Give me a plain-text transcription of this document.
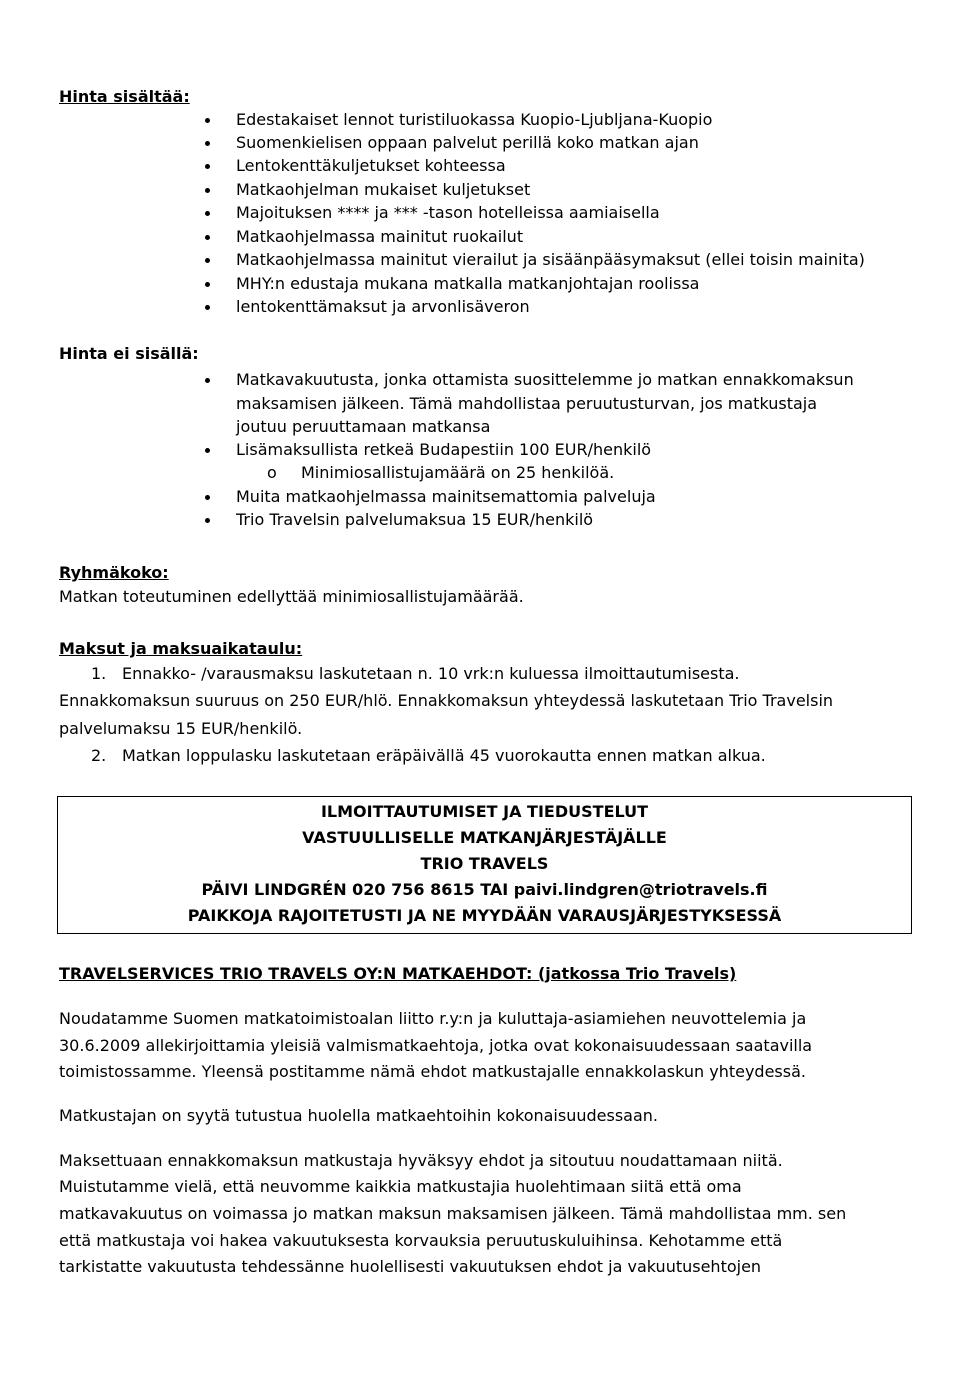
Hinta sisältää:
Edestakaiset lennot turistiluokassa Kuopio-Ljubljana-Kuopio
Suomenkielisen oppaan palvelut perillä koko matkan ajan
Lentokenttäkuljetukset kohteessa
Matkaohjelman mukaiset kuljetukset
Majoituksen **** ja *** -tason hotelleissa aamiaisella
Matkaohjelmassa mainitut ruokailut
Matkaohjelmassa mainitut vierailut ja sisäänpääsymaksut (ellei toisin mainita)
MHY:n edustaja mukana matkalla matkanjohtajan roolissa
lentokenttämaksut ja arvonlisäveron
Hinta ei sisällä:
Matkavakuutusta, jonka ottamista suosittelemme jo matkan ennakkomaksun
maksamisen jälkeen. Tämä mahdollistaa peruutusturvan, jos matkustaja
joutuu peruuttamaan matkansa
Lisämaksullista retkeä Budapestiin 100 EUR/henkilö
o Minimiosallistujamäärä on 25 henkilöä.
Muita matkaohjelmassa mainitsemattomia palveluja
Trio Travelsin palvelumaksua 15 EUR/henkilö
Ryhmäkoko:
Matkan toteutuminen edellyttää minimiosallistujamäärää.
Maksut ja maksuaikataulu:
1. Ennakko- /varausmaksu laskutetaan n. 10 vrk:n kuluessa ilmoittautumisesta.
Ennakkomaksun suuruus on 250 EUR/hlö. Ennakkomaksun yhteydessä laskutetaan Trio Travelsin
palvelumaksu 15 EUR/henkilö.
2. Matkan loppulasku laskutetaan eräpäivällä 45 vuorokautta ennen matkan alkua.
ILMOITTAUTUMISET JA TIEDUSTELUT
VASTUULLISELLE MATKANJÄRJESTÄJÄLLE
TRIO TRAVELS
PÄIVI LINDGRÉN 020 756 8615 TAI paivi.lindgren@triotravels.fi
PAIKKOJA RAJOITETUSTI JA NE MYYDÄÄN VARAUSJÄRJESTYKSESSÄ
TRAVELSERVICES TRIO TRAVELS OY:N MATKAEHDOT: (jatkossa Trio Travels)
Noudatamme Suomen matkatoimistoalan liitto r.y:n ja kuluttaja-asiamiehen neuvottelemia ja
30.6.2009 allekirjoittamia yleisiä valmismatkaehtoja, jotka ovat kokonaisuudessaan saatavilla
toimistossamme. Yleensä postitamme nämä ehdot matkustajalle ennakkolaskun yhteydessä.
Matkustajan on syytä tutustua huolella matkaehtoihin kokonaisuudessaan.
Maksettuaan ennakkomaksun matkustaja hyväksyy ehdot ja sitoutuu noudattamaan niitä.
Muistutamme vielä, että neuvomme kaikkia matkustajia huolehtimaan siitä että oma
matkavakuutus on voimassa jo matkan maksun maksamisen jälkeen. Tämä mahdollistaa mm. sen
että matkustaja voi hakea vakuutuksesta korvauksia peruutuskuluihinsa. Kehotamme että
tarkistatte vakuutusta tehdessänne huolellisesti vakuutuksen ehdot ja vakuutusehtojen
